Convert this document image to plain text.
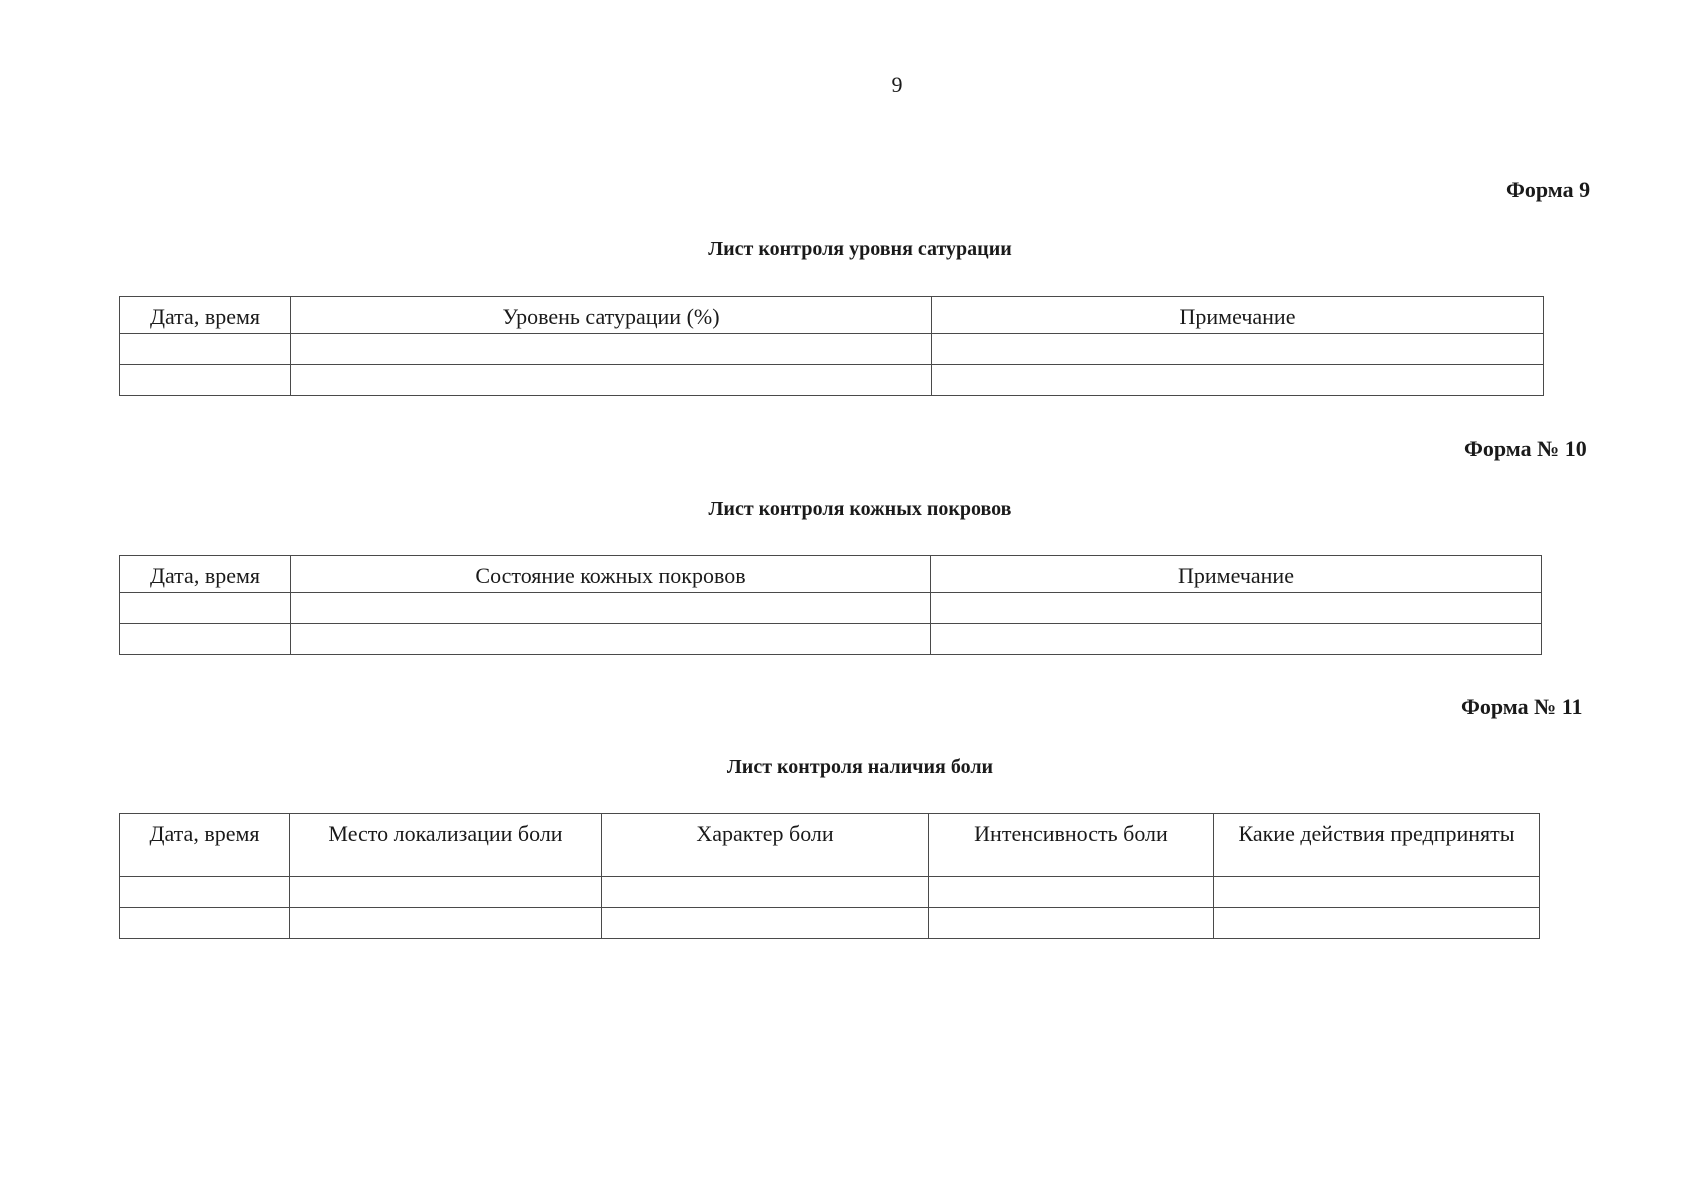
9
Форма 9
Лист контроля уровня сатурации
Дата, время	Уровень сатурации (%)	Примечание

Форма № 10
Лист контроля кожных покровов
Дата, время	Состояние кожных покровов	Примечание

Форма № 11
Лист контроля наличия боли
Дата, время	Место локализации боли	Характер боли	Интенсивность боли	Какие действия предприняты
